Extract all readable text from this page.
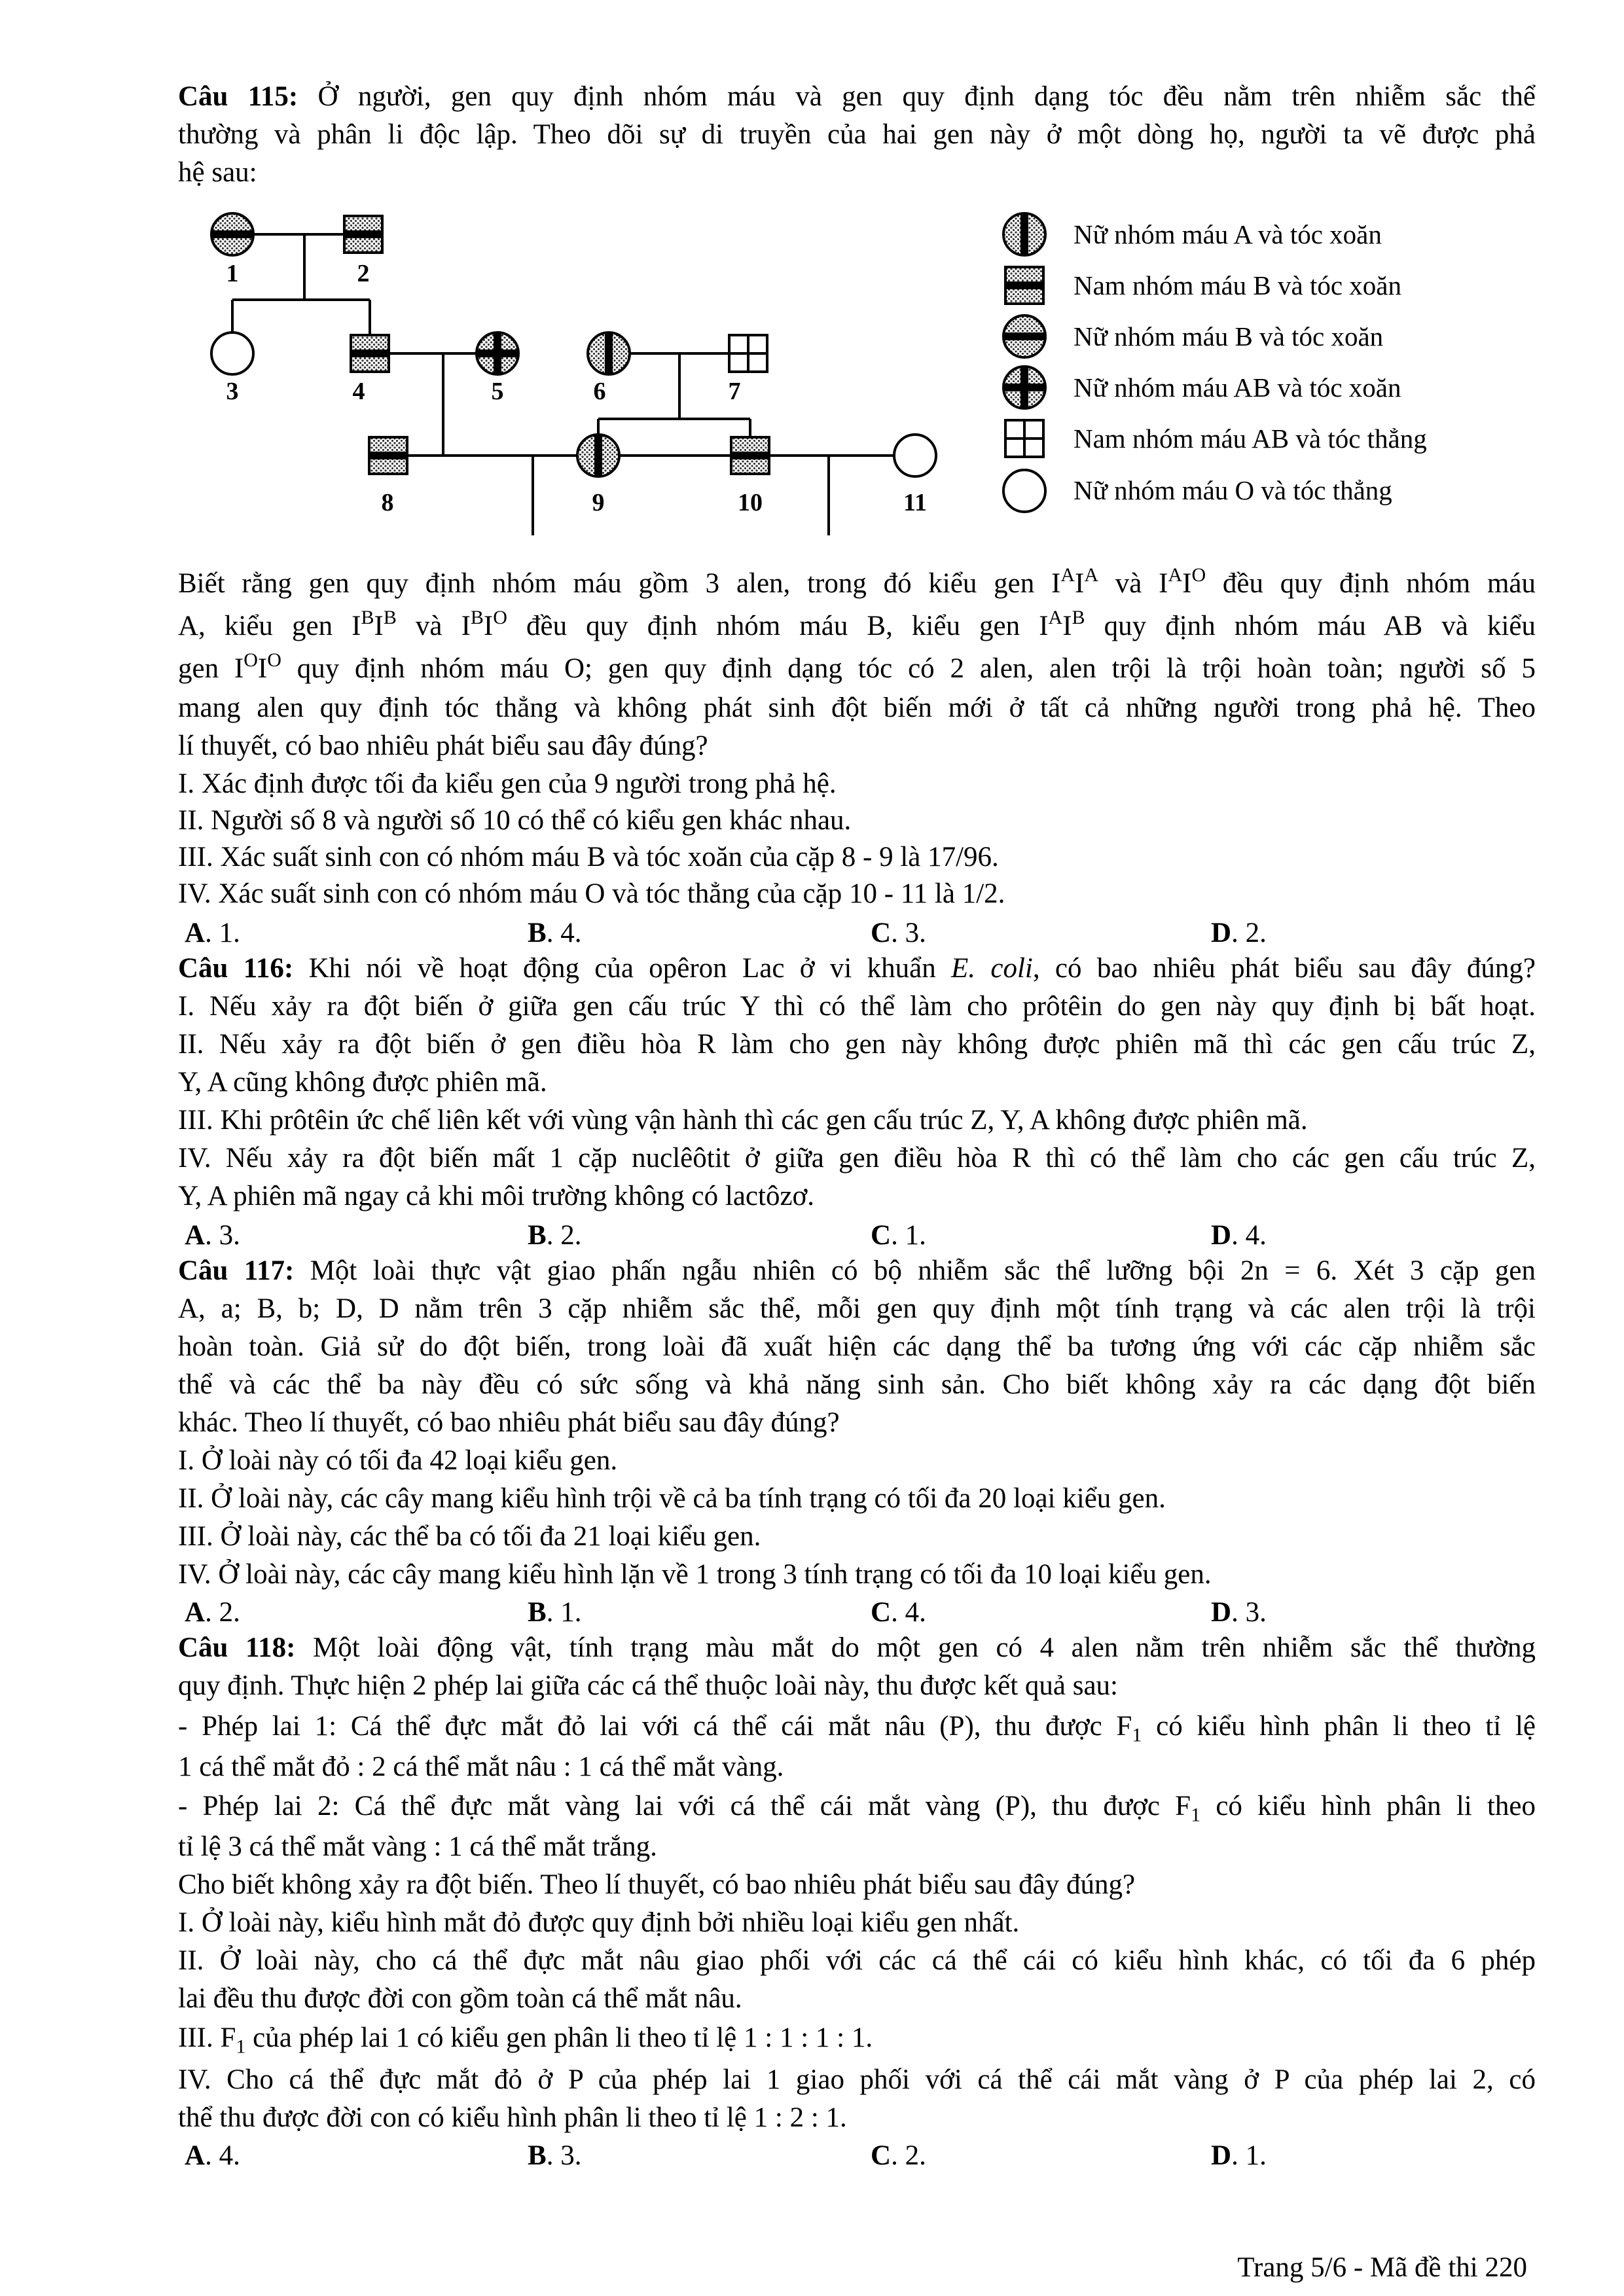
Câu 115: Ở người, gen quy định nhóm máu và gen quy định dạng tóc đều nằm trên nhiễm sắc thể
thường và phân li độc lập. Theo dõi sự di truyền của hai gen này ở một dòng họ, người ta vẽ được phả
hệ sau:
1	2
3	4	5	6	7
8	9	10	11
Nữ nhóm máu A và tóc xoăn
Nam nhóm máu B và tóc xoăn
Nữ nhóm máu B và tóc xoăn
Nữ nhóm máu AB và tóc xoăn
Nam nhóm máu AB và tóc thẳng
Nữ nhóm máu O và tóc thẳng
Biết rằng gen quy định nhóm máu gồm 3 alen, trong đó kiểu gen $I^AI^A$ và $I^AI^O$ đều quy định nhóm máu
A, kiểu gen $I^BI^B$ và $I^BI^O$ đều quy định nhóm máu B, kiểu gen $I^AI^B$ quy định nhóm máu AB và kiểu
gen $I^OI^O$ quy định nhóm máu O; gen quy định dạng tóc có 2 alen, alen trội là trội hoàn toàn; người số 5
mang alen quy định tóc thẳng và không phát sinh đột biến mới ở tất cả những người trong phả hệ. Theo
lí thuyết, có bao nhiêu phát biểu sau đây đúng?
I. Xác định được tối đa kiểu gen của 9 người trong phả hệ.
II. Người số 8 và người số 10 có thể có kiểu gen khác nhau.
III. Xác suất sinh con có nhóm máu B và tóc xoăn của cặp 8 - 9 là 17/96.
IV. Xác suất sinh con có nhóm máu O và tóc thẳng của cặp 10 - 11 là 1/2.
A. 1.	B. 4.	C. 3.	D. 2.
Câu 116: Khi nói về hoạt động của opêron Lac ở vi khuẩn E. coli, có bao nhiêu phát biểu sau đây đúng?
I. Nếu xảy ra đột biến ở giữa gen cấu trúc Y thì có thể làm cho prôtêin do gen này quy định bị bất hoạt.
II. Nếu xảy ra đột biến ở gen điều hòa R làm cho gen này không được phiên mã thì các gen cấu trúc Z,
Y, A cũng không được phiên mã.
III. Khi prôtêin ức chế liên kết với vùng vận hành thì các gen cấu trúc Z, Y, A không được phiên mã.
IV. Nếu xảy ra đột biến mất 1 cặp nuclêôtit ở giữa gen điều hòa R thì có thể làm cho các gen cấu trúc Z,
Y, A phiên mã ngay cả khi môi trường không có lactôzơ.
A. 3.	B. 2.	C. 1.	D. 4.
Câu 117: Một loài thực vật giao phấn ngẫu nhiên có bộ nhiễm sắc thể lưỡng bội 2n = 6. Xét 3 cặp gen
A, a; B, b; D, D nằm trên 3 cặp nhiễm sắc thể, mỗi gen quy định một tính trạng và các alen trội là trội
hoàn toàn. Giả sử do đột biến, trong loài đã xuất hiện các dạng thể ba tương ứng với các cặp nhiễm sắc
thể và các thể ba này đều có sức sống và khả năng sinh sản. Cho biết không xảy ra các dạng đột biến
khác. Theo lí thuyết, có bao nhiêu phát biểu sau đây đúng?
I. Ở loài này có tối đa 42 loại kiểu gen.
II. Ở loài này, các cây mang kiểu hình trội về cả ba tính trạng có tối đa 20 loại kiểu gen.
III. Ở loài này, các thể ba có tối đa 21 loại kiểu gen.
IV. Ở loài này, các cây mang kiểu hình lặn về 1 trong 3 tính trạng có tối đa 10 loại kiểu gen.
A. 2.	B. 1.	C. 4.	D. 3.
Câu 118: Một loài động vật, tính trạng màu mắt do một gen có 4 alen nằm trên nhiễm sắc thể thường
quy định. Thực hiện 2 phép lai giữa các cá thể thuộc loài này, thu được kết quả sau:
- Phép lai 1: Cá thể đực mắt đỏ lai với cá thể cái mắt nâu (P), thu được $F_1$ có kiểu hình phân li theo tỉ lệ
1 cá thể mắt đỏ : 2 cá thể mắt nâu : 1 cá thể mắt vàng.
- Phép lai 2: Cá thể đực mắt vàng lai với cá thể cái mắt vàng (P), thu được $F_1$ có kiểu hình phân li theo
tỉ lệ 3 cá thể mắt vàng : 1 cá thể mắt trắng.
Cho biết không xảy ra đột biến. Theo lí thuyết, có bao nhiêu phát biểu sau đây đúng?
I. Ở loài này, kiểu hình mắt đỏ được quy định bởi nhiều loại kiểu gen nhất.
II. Ở loài này, cho cá thể đực mắt nâu giao phối với các cá thể cái có kiểu hình khác, có tối đa 6 phép
lai đều thu được đời con gồm toàn cá thể mắt nâu.
III. $F_1$ của phép lai 1 có kiểu gen phân li theo tỉ lệ 1 : 1 : 1 : 1.
IV. Cho cá thể đực mắt đỏ ở P của phép lai 1 giao phối với cá thể cái mắt vàng ở P của phép lai 2, có
thể thu được đời con có kiểu hình phân li theo tỉ lệ 1 : 2 : 1.
A. 4.	B. 3.	C. 2.	D. 1.
Trang 5/6 - Mã đề thi 220
